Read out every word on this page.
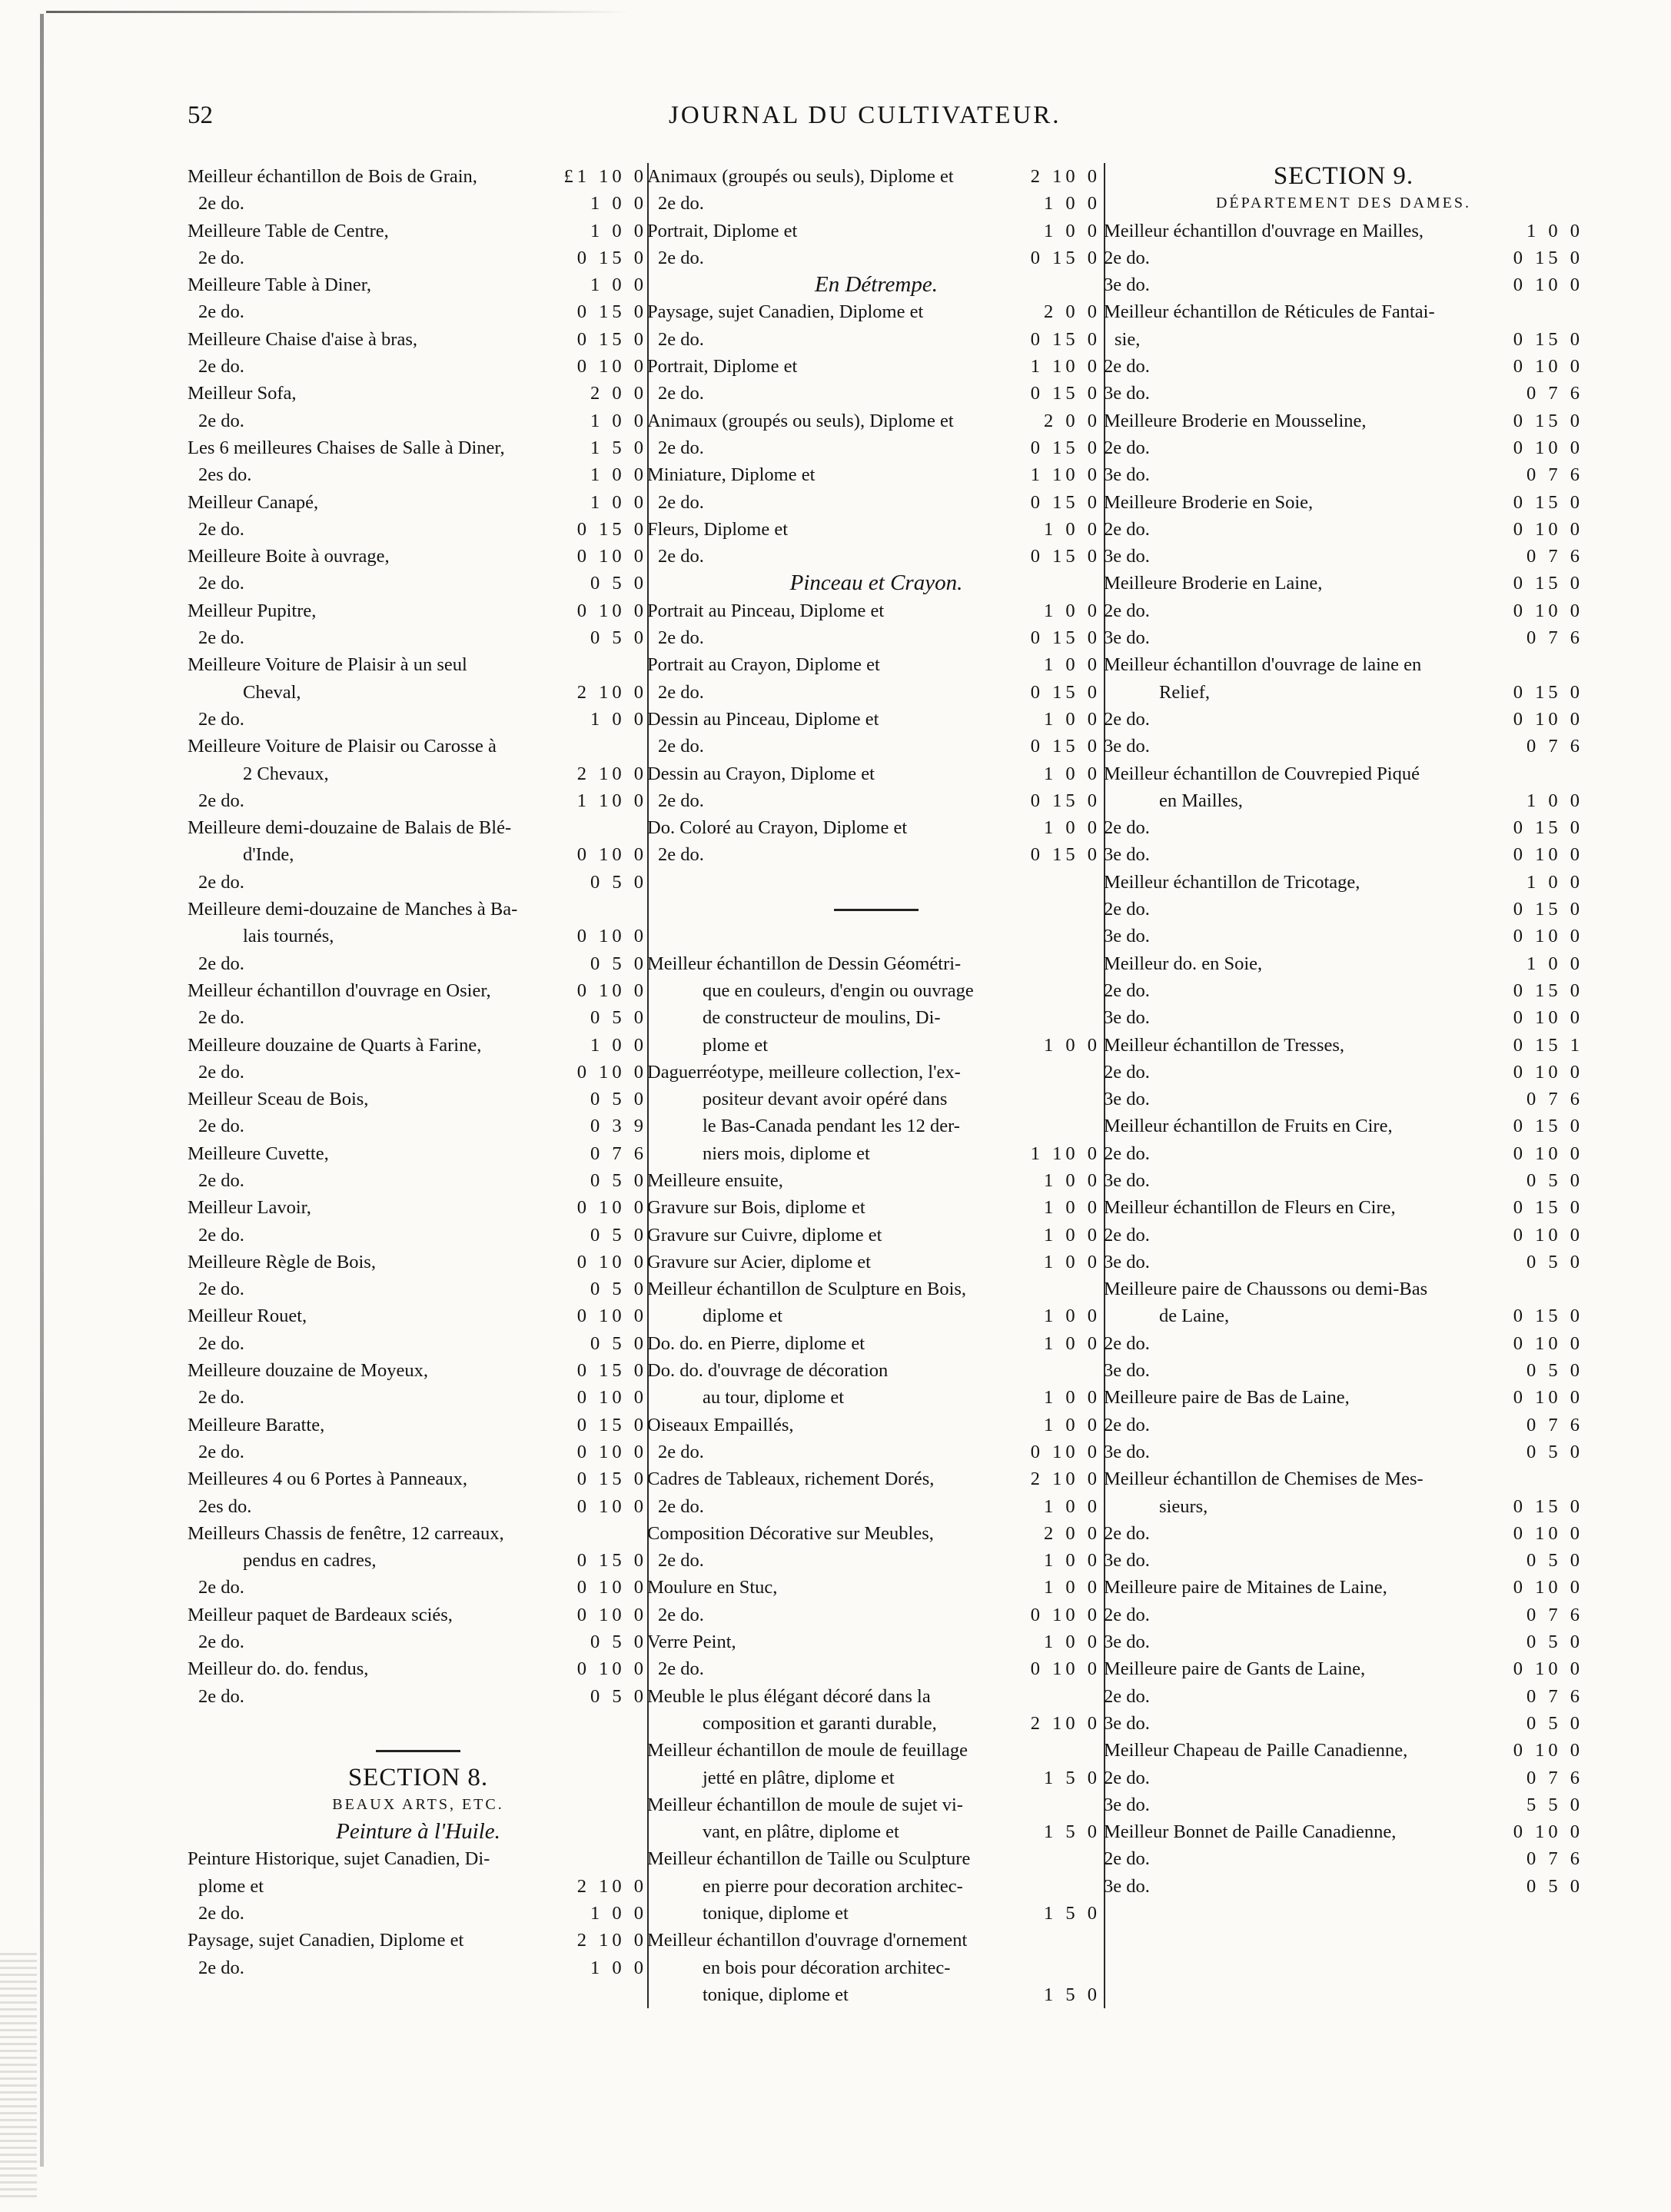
52	JOURNAL DU CULTIVATEUR.
Meilleur échantillon de Bois de Grain,	£1 10 0
2e do.	1 0 0
Meilleure Table de Centre,	1 0 0
2e do.	0 15 0
Meilleure Table à Diner,	1 0 0
2e do.	0 15 0
Meilleure Chaise d'aise à bras,	0 15 0
2e do.	0 10 0
Meilleur Sofa,	2 0 0
2e do.	1 0 0
Les 6 meilleures Chaises de Salle à Diner,	1 5 0
2es do.	1 0 0
Meilleur Canapé,	1 0 0
2e do.	0 15 0
Meilleure Boite à ouvrage,	0 10 0
2e do.	0 5 0
Meilleur Pupitre,	0 10 0
2e do.	0 5 0
Meilleure Voiture de Plaisir à un seul
Cheval,	2 10 0
2e do.	1 0 0
Meilleure Voiture de Plaisir ou Carosse à
2 Chevaux,	2 10 0
2e do.	1 10 0
Meilleure demi-douzaine de Balais de Blé-
d'Inde,	0 10 0
2e do.	0 5 0
Meilleure demi-douzaine de Manches à Ba-
lais tournés,	0 10 0
2e do.	0 5 0
Meilleur échantillon d'ouvrage en Osier,	0 10 0
2e do.	0 5 0
Meilleure douzaine de Quarts à Farine,	1 0 0
2e do.	0 10 0
Meilleur Sceau de Bois,	0 5 0
2e do.	0 3 9
Meilleure Cuvette,	0 7 6
2e do.	0 5 0
Meilleur Lavoir,	0 10 0
2e do.	0 5 0
Meilleure Règle de Bois,	0 10 0
2e do.	0 5 0
Meilleur Rouet,	0 10 0
2e do.	0 5 0
Meilleure douzaine de Moyeux,	0 15 0
2e do.	0 10 0
Meilleure Baratte,	0 15 0
2e do.	0 10 0
Meilleures 4 ou 6 Portes à Panneaux,	0 15 0
2es do.	0 10 0
Meilleurs Chassis de fenêtre, 12 carreaux,
pendus en cadres,	0 15 0
2e do.	0 10 0
Meilleur paquet de Bardeaux sciés,	0 10 0
2e do.	0 5 0
Meilleur do. do. fendus,	0 10 0
2e do.	0 5 0
SECTION 8.
BEAUX ARTS, ETC.
Peinture à l'Huile.
Peinture Historique, sujet Canadien, Di-
plome et	2 10 0
2e do.	1 0 0
Paysage, sujet Canadien, Diplome et	2 10 0
2e do.	1 0 0
Animaux (groupés ou seuls), Diplome et	2 10 0
2e do.	1 0 0
Portrait, Diplome et	1 0 0
2e do.	0 15 0
En Détrempe.
Paysage, sujet Canadien, Diplome et	2 0 0
2e do.	0 15 0
Portrait, Diplome et	1 10 0
2e do.	0 15 0
Animaux (groupés ou seuls), Diplome et	2 0 0
2e do.	0 15 0
Miniature, Diplome et	1 10 0
2e do.	0 15 0
Fleurs, Diplome et	1 0 0
2e do.	0 15 0
Pinceau et Crayon.
Portrait au Pinceau, Diplome et	1 0 0
2e do.	0 15 0
Portrait au Crayon, Diplome et	1 0 0
2e do.	0 15 0
Dessin au Pinceau, Diplome et	1 0 0
2e do.	0 15 0
Dessin au Crayon, Diplome et	1 0 0
2e do.	0 15 0
Do. Coloré au Crayon, Diplome et	1 0 0
2e do.	0 15 0
Meilleur échantillon de Dessin Géométri-
que en couleurs, d'engin ou ouvrage
de constructeur de moulins, Di-
plome et	1 0 0
Daguerréotype, meilleure collection, l'ex-
positeur devant avoir opéré dans
le Bas-Canada pendant les 12 der-
niers mois, diplome et	1 10 0
Meilleure ensuite,	1 0 0
Gravure sur Bois, diplome et	1 0 0
Gravure sur Cuivre, diplome et	1 0 0
Gravure sur Acier, diplome et	1 0 0
Meilleur échantillon de Sculpture en Bois,
diplome et	1 0 0
Do. do. en Pierre, diplome et	1 0 0
Do. do. d'ouvrage de décoration
au tour, diplome et	1 0 0
Oiseaux Empaillés,	1 0 0
2e do.	0 10 0
Cadres de Tableaux, richement Dorés,	2 10 0
2e do.	1 0 0
Composition Décorative sur Meubles,	2 0 0
2e do.	1 0 0
Moulure en Stuc,	1 0 0
2e do.	0 10 0
Verre Peint,	1 0 0
2e do.	0 10 0
Meuble le plus élégant décoré dans la
composition et garanti durable,	2 10 0
Meilleur échantillon de moule de feuillage
jetté en plâtre, diplome et	1 5 0
Meilleur échantillon de moule de sujet vi-
vant, en plâtre, diplome et	1 5 0
Meilleur échantillon de Taille ou Sculpture
en pierre pour decoration architec-
tonique, diplome et	1 5 0
Meilleur échantillon d'ouvrage d'ornement
en bois pour décoration architec-
tonique, diplome et	1 5 0
SECTION 9.
DÉPARTEMENT DES DAMES.
Meilleur échantillon d'ouvrage en Mailles,	1 0 0
2e do.	0 15 0
3e do.	0 10 0
Meilleur échantillon de Réticules de Fantai-
sie,	0 15 0
2e do.	0 10 0
3e do.	0 7 6
Meilleure Broderie en Mousseline,	0 15 0
2e do.	0 10 0
3e do.	0 7 6
Meilleure Broderie en Soie,	0 15 0
2e do.	0 10 0
3e do.	0 7 6
Meilleure Broderie en Laine,	0 15 0
2e do.	0 10 0
3e do.	0 7 6
Meilleur échantillon d'ouvrage de laine en
Relief,	0 15 0
2e do.	0 10 0
3e do.	0 7 6
Meilleur échantillon de Couvrepied Piqué
en Mailles,	1 0 0
2e do.	0 15 0
3e do.	0 10 0
Meilleur échantillon de Tricotage,	1 0 0
2e do.	0 15 0
3e do.	0 10 0
Meilleur do. en Soie,	1 0 0
2e do.	0 15 0
3e do.	0 10 0
Meilleur échantillon de Tresses,	0 15 1
2e do.	0 10 0
3e do.	0 7 6
Meilleur échantillon de Fruits en Cire,	0 15 0
2e do.	0 10 0
3e do.	0 5 0
Meilleur échantillon de Fleurs en Cire,	0 15 0
2e do.	0 10 0
3e do.	0 5 0
Meilleure paire de Chaussons ou demi-Bas
de Laine,	0 15 0
2e do.	0 10 0
3e do.	0 5 0
Meilleure paire de Bas de Laine,	0 10 0
2e do.	0 7 6
3e do.	0 5 0
Meilleur échantillon de Chemises de Mes-
sieurs,	0 15 0
2e do.	0 10 0
3e do.	0 5 0
Meilleure paire de Mitaines de Laine,	0 10 0
2e do.	0 7 6
3e do.	0 5 0
Meilleure paire de Gants de Laine,	0 10 0
2e do.	0 7 6
3e do.	0 5 0
Meilleur Chapeau de Paille Canadienne,	0 10 0
2e do.	0 7 6
3e do.	5 5 0
Meilleur Bonnet de Paille Canadienne,	0 10 0
2e do.	0 7 6
3e do.	0 5 0
